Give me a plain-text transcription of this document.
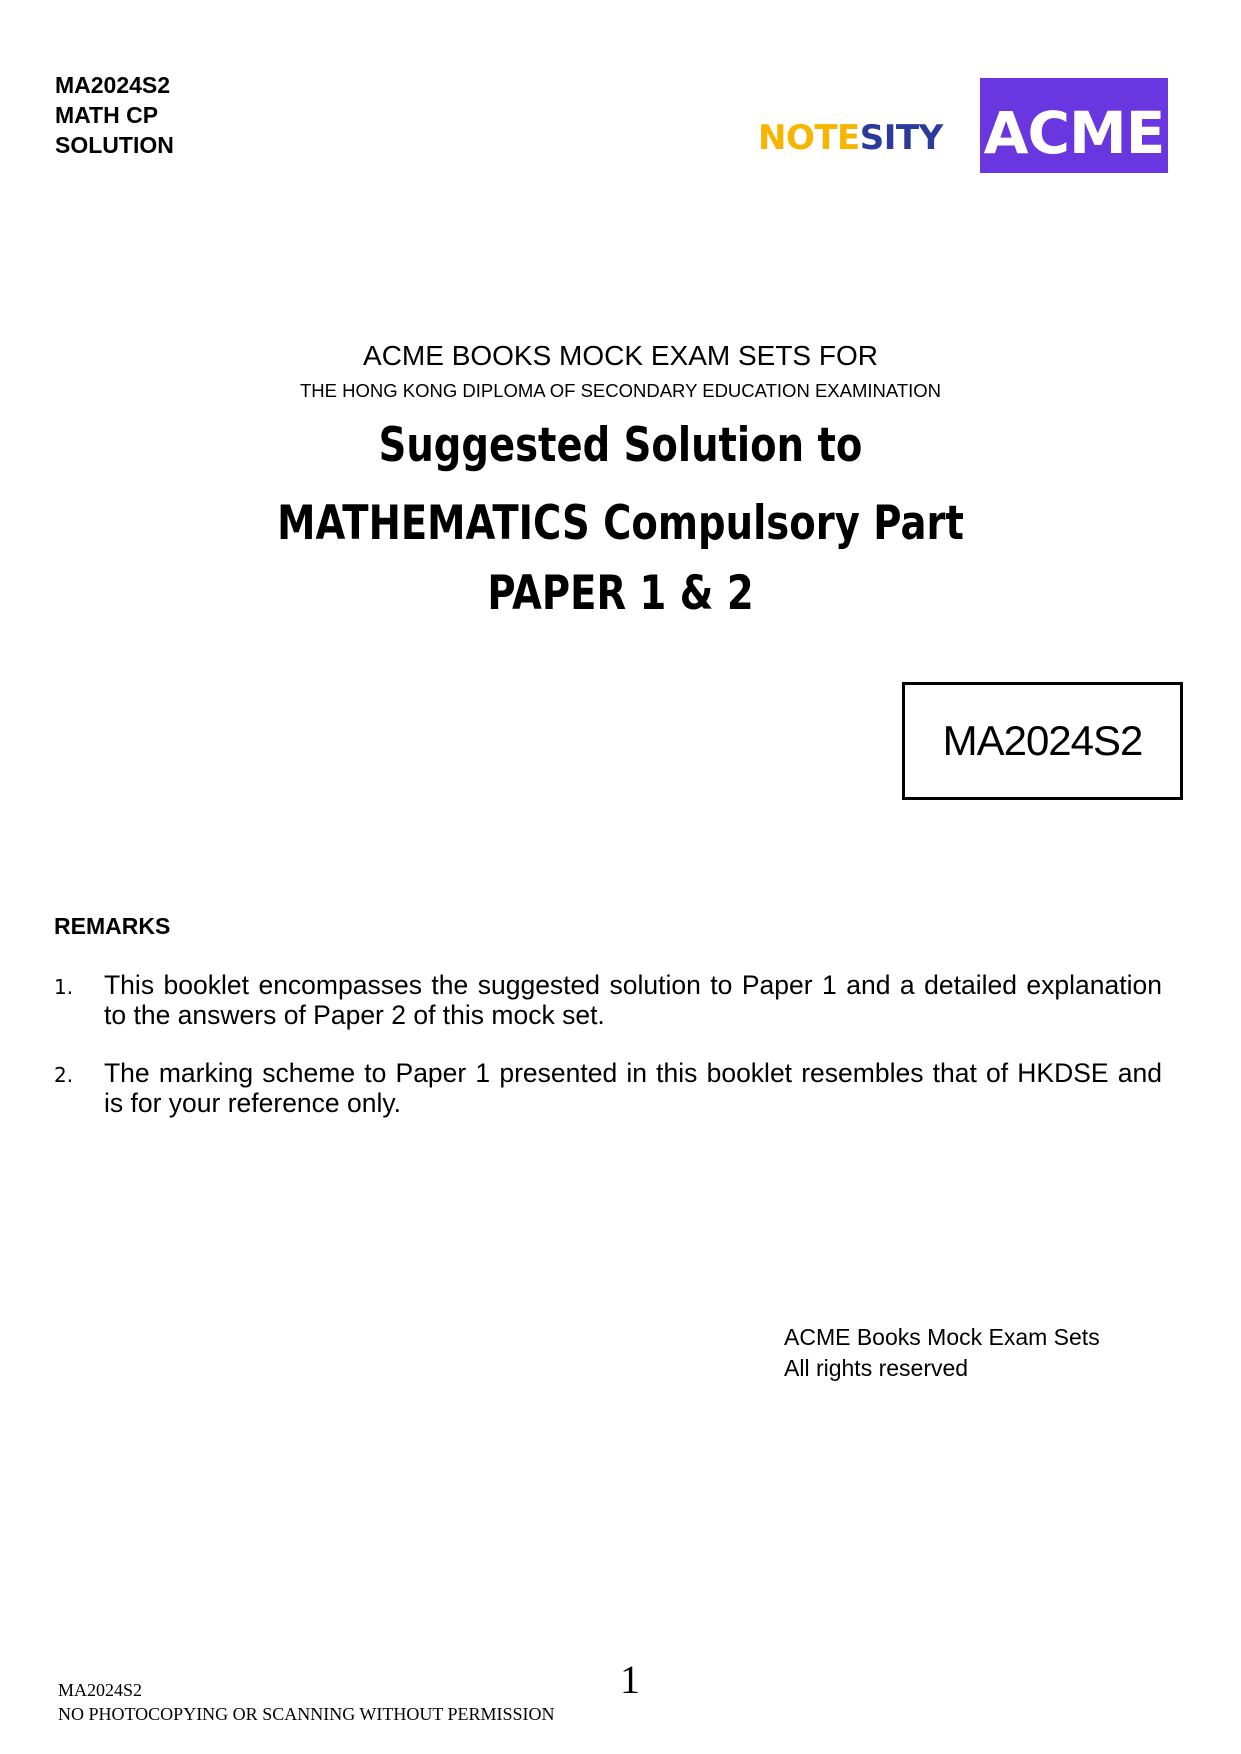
MA2024S2
MATH CP
SOLUTION	NOTESITY ACME
ACME BOOKS MOCK EXAM SETS FOR
THE HONG KONG DIPLOMA OF SECONDARY EDUCATION EXAMINATION
Suggested Solution to
MATHEMATICS Compulsory Part
PAPER 1 & 2
MA2024S2
REMARKS
1. This booklet encompasses the suggested solution to Paper 1 and a detailed explanation to the answers of Paper 2 of this mock set.
2. The marking scheme to Paper 1 presented in this booklet resembles that of HKDSE and is for your reference only.
ACME Books Mock Exam Sets
All rights reserved
1
MA2024S2
NO PHOTOCOPYING OR SCANNING WITHOUT PERMISSION
